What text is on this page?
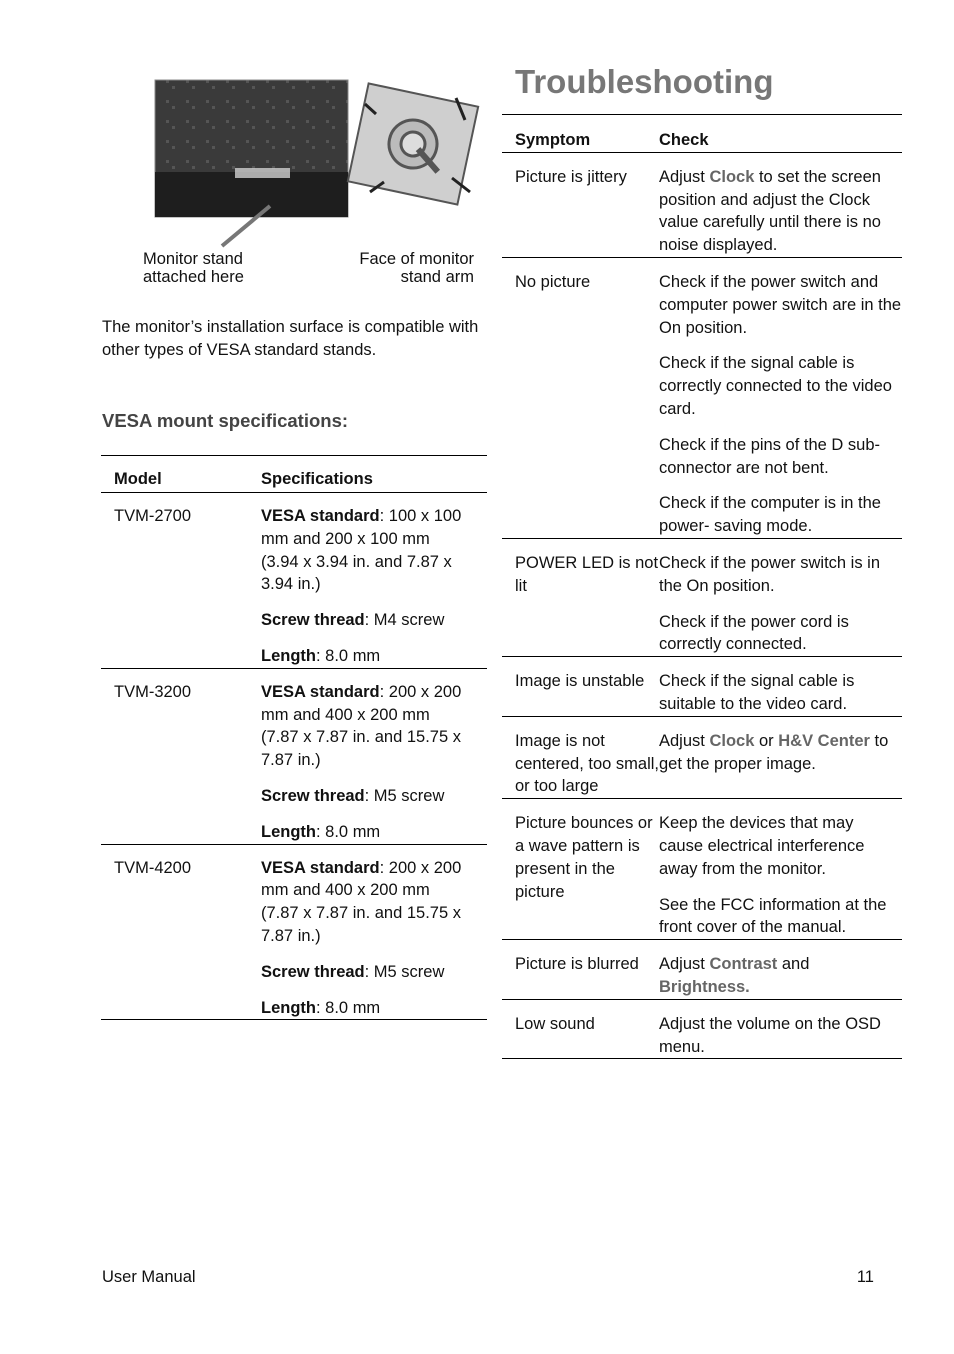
Monitor stand
attached here
Face of monitor
stand arm
The monitor’s installation surface is compatible with other types of VESA standard stands.
VESA mount specifications:
Model	Specifications
TVM-2700	VESA standard: 100 x 100 mm and 200 x 100 mm
(3.94 x 3.94 in. and 7.87 x 3.94 in.)
Screw thread: M4 screw
Length: 8.0 mm

TVM-3200	VESA standard: 200 x 200 mm and 400 x 200 mm
(7.87 x 7.87 in. and 15.75 x 7.87 in.)
Screw thread: M5 screw
Length: 8.0 mm

TVM-4200	VESA standard: 200 x 200 mm and 400 x 200 mm
(7.87 x 7.87 in. and 15.75 x 7.87 in.)
Screw thread: M5 screw
Length: 8.0 mm
Troubleshooting
Symptom	Check
Picture is jittery	Adjust Clock to set the screen position and adjust the Clock value carefully until there is no noise displayed.

No picture	Check if the power switch and computer power switch are in the On position.
Check if the signal cable is correctly connected to the video card.
Check if the pins of the D sub-connector are not bent.
Check if the computer is in the power- saving mode.

POWER LED is not lit	Check if the power switch is in the On position.
Check if the power cord is correctly connected.

Image is unstable	Check if the signal cable is suitable to the video card.

Image is not centered, too small, or too large	Adjust Clock or H&V Center to get the proper image.

Picture bounces or a wave pattern is present in the picture	Keep the devices that may cause electrical interference away from the monitor.
See the FCC information at the front cover of the manual.

Picture is blurred	Adjust Contrast and Brightness.

Low sound	Adjust the volume on the OSD menu.
User Manual	11
